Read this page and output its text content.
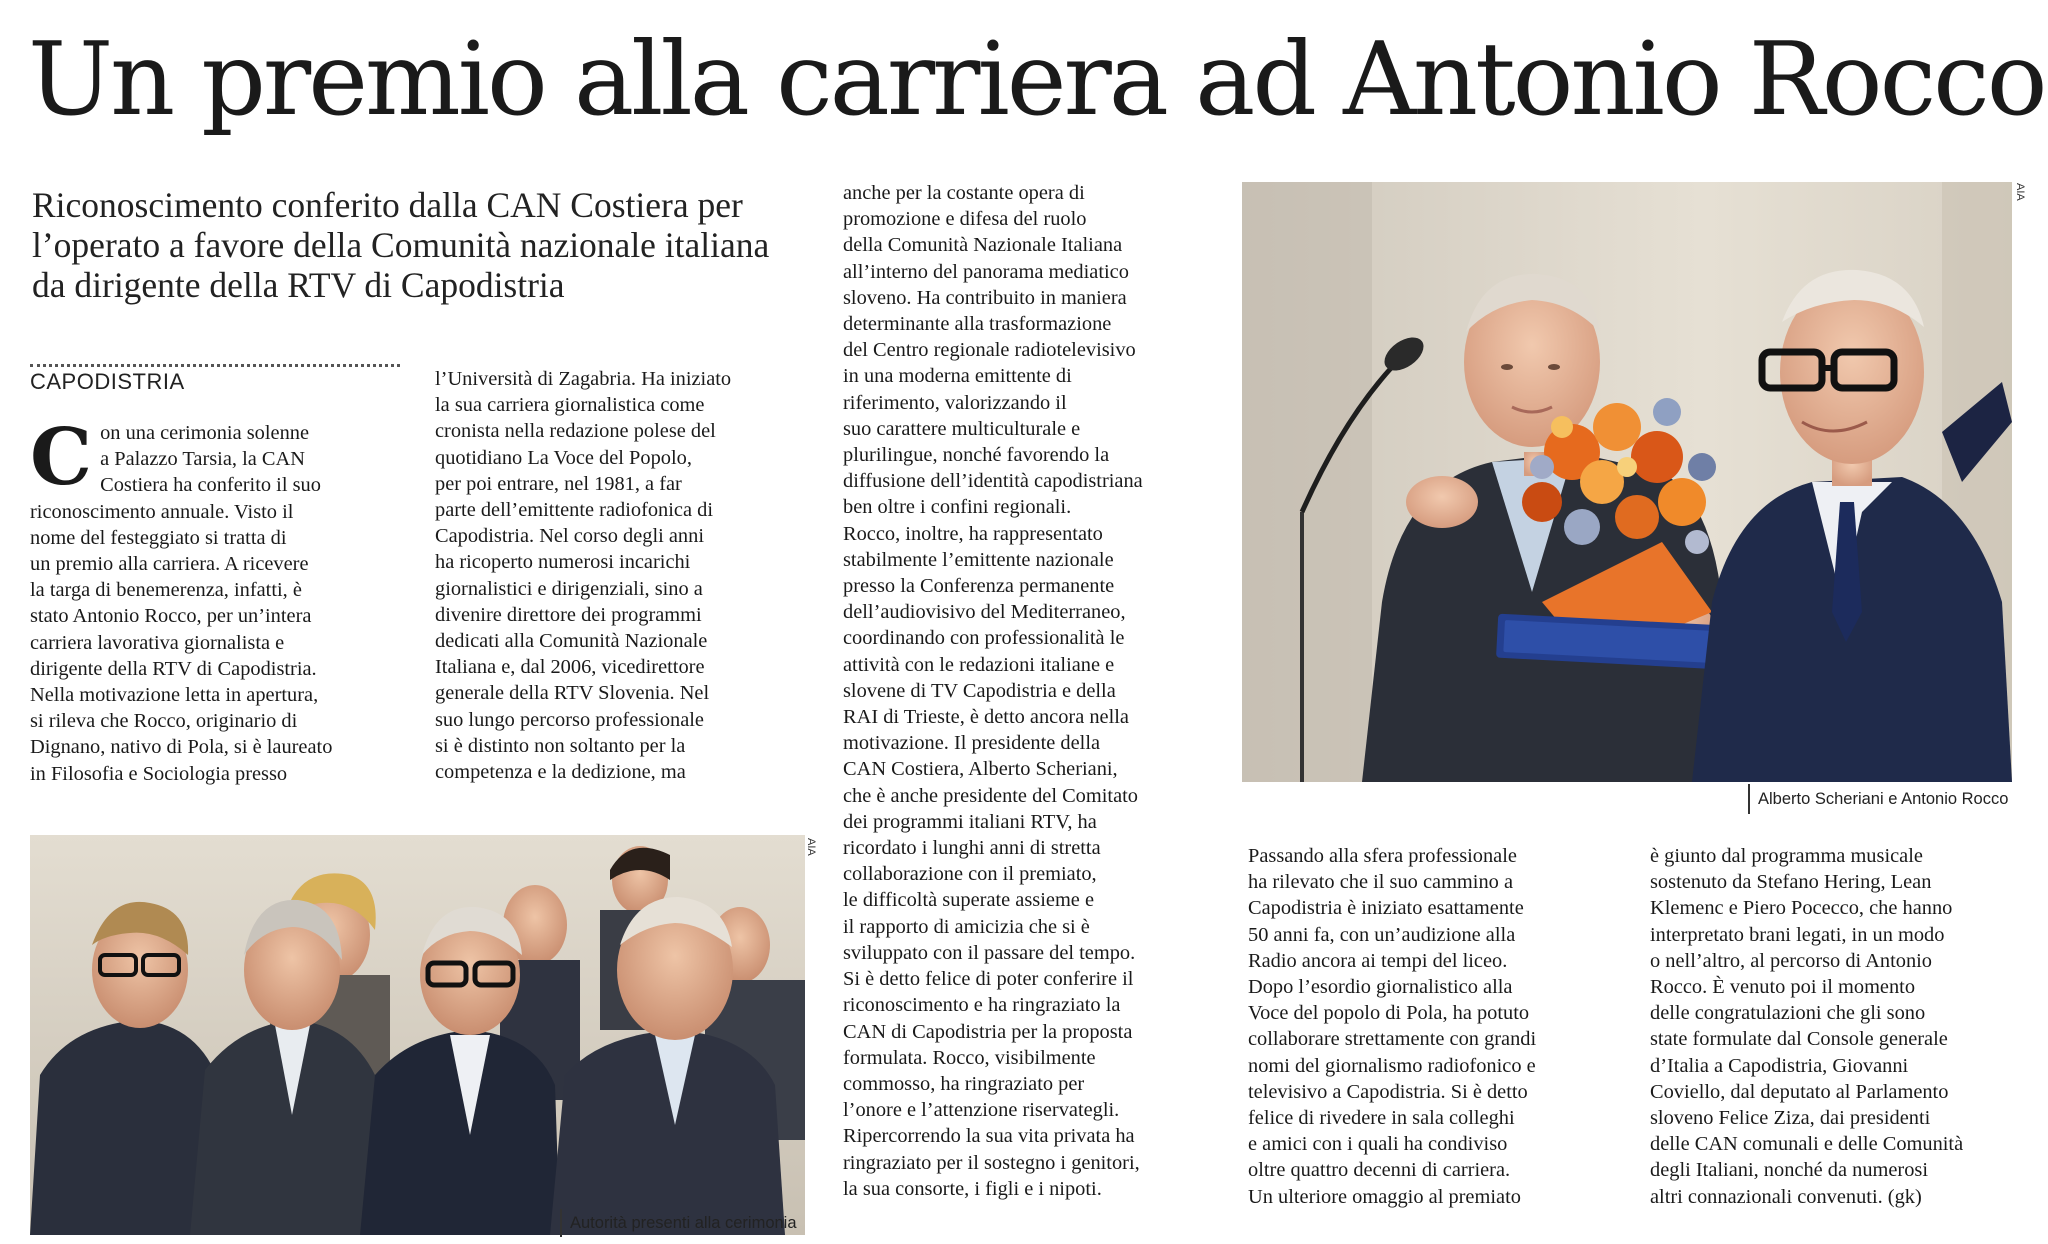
Un premio alla carriera ad Antonio Rocco
Riconoscimento conferito dalla CAN Costiera per l’operato a favore della Comunità nazionale italiana da dirigente della RTV di Capodistria
CAPODISTRIA

Con una cerimonia solenne
a Palazzo Tarsia, la CAN
Costiera ha conferito il suo
riconoscimento annuale. Visto il
nome del festeggiato si tratta di
un premio alla carriera. A ricevere
la targa di benemerenza, infatti, è
stato Antonio Rocco, per un’intera
carriera lavorativa giornalista e
dirigente della RTV di Capodistria.
Nella motivazione letta in apertura,
si rileva che Rocco, originario di
Dignano, nativo di Pola, si è laureato
in Filosofia e Sociologia presso

l’Università di Zagabria. Ha iniziato
la sua carriera giornalistica come
cronista nella redazione polese del
quotidiano La Voce del Popolo,
per poi entrare, nel 1981, a far
parte dell’emittente radiofonica di
Capodistria. Nel corso degli anni
ha ricoperto numerosi incarichi
giornalistici e dirigenziali, sino a
divenire direttore dei programmi
dedicati alla Comunità Nazionale
Italiana e, dal 2006, vicedirettore
generale della RTV Slovenia. Nel
suo lungo percorso professionale
si è distinto non soltanto per la
competenza e la dedizione, ma

anche per la costante opera di
promozione e difesa del ruolo
della Comunità Nazionale Italiana
all’interno del panorama mediatico
sloveno. Ha contribuito in maniera
determinante alla trasformazione
del Centro regionale radiotelevisivo
in una moderna emittente di
riferimento, valorizzando il
suo carattere multiculturale e
plurilingue, nonché favorendo la
diffusione dell’identità capodistriana
ben oltre i confini regionali.
Rocco, inoltre, ha rappresentato
stabilmente l’emittente nazionale
presso la Conferenza permanente
dell’audiovisivo del Mediterraneo,
coordinando con professionalità le
attività con le redazioni italiane e
slovene di TV Capodistria e della
RAI di Trieste, è detto ancora nella
motivazione. Il presidente della
CAN Costiera, Alberto Scheriani,
che è anche presidente del Comitato
dei programmi italiani RTV, ha
ricordato i lunghi anni di stretta
collaborazione con il premiato,
le difficoltà superate assieme e
il rapporto di amicizia che si è
sviluppato con il passare del tempo.
Si è detto felice di poter conferire il
riconoscimento e ha ringraziato la
CAN di Capodistria per la proposta
formulata. Rocco, visibilmente
commosso, ha ringraziato per
l’onore e l’attenzione riservategli.
Ripercorrendo la sua vita privata ha
ringraziato per il sostegno i genitori,
la sua consorte, i figli e i nipoti.

Passando alla sfera professionale
ha rilevato che il suo cammino a
Capodistria è iniziato esattamente
50 anni fa, con un’audizione alla
Radio ancora ai tempi del liceo.
Dopo l’esordio giornalistico alla
Voce del popolo di Pola, ha potuto
collaborare strettamente con grandi
nomi del giornalismo radiofonico e
televisivo a Capodistria. Si è detto
felice di rivedere in sala colleghi
e amici con i quali ha condiviso
oltre quattro decenni di carriera.
Un ulteriore omaggio al premiato

è giunto dal programma musicale
sostenuto da Stefano Hering, Lean
Klemenc e Piero Pocecco, che hanno
interpretato brani legati, in un modo
o nell’altro, al percorso di Antonio
Rocco. È venuto poi il momento
delle congratulazioni che gli sono
state formulate dal Console generale
d’Italia a Capodistria, Giovanni
Coviello, dal deputato al Parlamento
sloveno Felice Ziza, dai presidenti
delle CAN comunali e delle Comunità
degli Italiani, nonché da numerosi
altri connazionali convenuti. (gk)

AIA
Alberto Scheriani e Antonio Rocco
AIA
Autorità presenti alla cerimonia
